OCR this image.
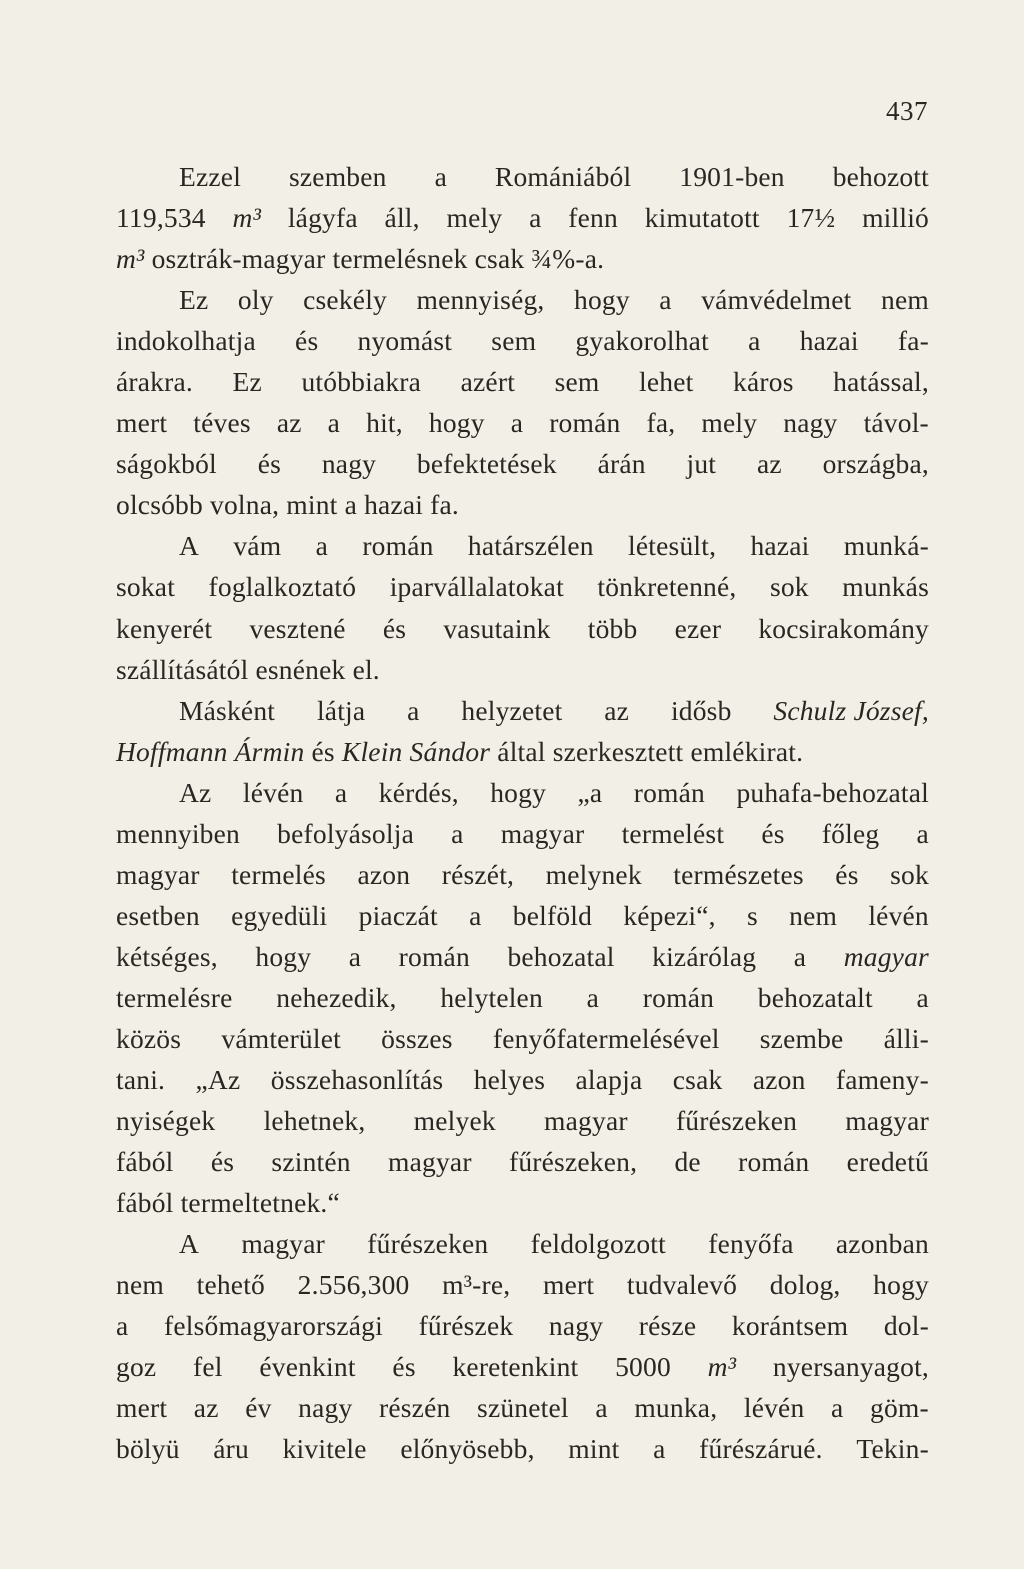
437
Ezzel szemben a Romániából 1901-ben behozott
119,534 m³ lágyfa áll, mely a fenn kimutatott 17½ millió
m³
osztrák-magyar
termelésnek
csak
¾%-a.
Ez oly csekély mennyiség, hogy a vámvédelmet nem
indokolhatja és nyomást sem gyakorolhat a hazai fa-
árakra. Ez utóbbiakra azért sem lehet káros hatással,
mert téves az a hit, hogy a román fa, mely nagy távol-
ságokból és nagy befektetések árán jut az országba,
olcsóbb
volna,
mint
a
hazai
fa.
A vám a román határszélen létesült, hazai munká-
sokat foglalkoztató iparvállalatokat tönkretenné, sok munkás
kenyerét vesztené és vasutaink több ezer kocsirakomány
szállításától
esnének
el.
Másként látja a helyzetet az idősb Schulz József,
Hoffmann Ármin
és
Klein Sándor
által
szerkesztett
emlékirat.
Az lévén a kérdés, hogy „a román puhafa-behozatal
mennyiben befolyásolja a magyar termelést és főleg a
magyar termelés azon részét, melynek természetes és sok
esetben egyedüli piaczát a belföld képezi“, s nem lévén
kétséges, hogy a román behozatal kizárólag a magyar
termelésre nehezedik, helytelen a román behozatalt a
közös vámterület összes fenyőfatermelésével szembe álli-
tani. „Az összehasonlítás helyes alapja csak azon fameny-
nyiségek lehetnek, melyek magyar fűrészeken magyar
fából és szintén magyar fűrészeken, de román eredetű
fából
termeltetnek.“
A magyar fűrészeken feldolgozott fenyőfa azonban
nem tehető 2.556,300 m³-re, mert tudvalevő dolog, hogy
a felsőmagyarországi fűrészek nagy része korántsem dol-
goz fel évenkint és keretenkint 5000 m³ nyersanyagot,
mert az év nagy részén szünetel a munka, lévén a göm-
bölyü áru kivitele előnyösebb, mint a fűrészárué. Tekin-
